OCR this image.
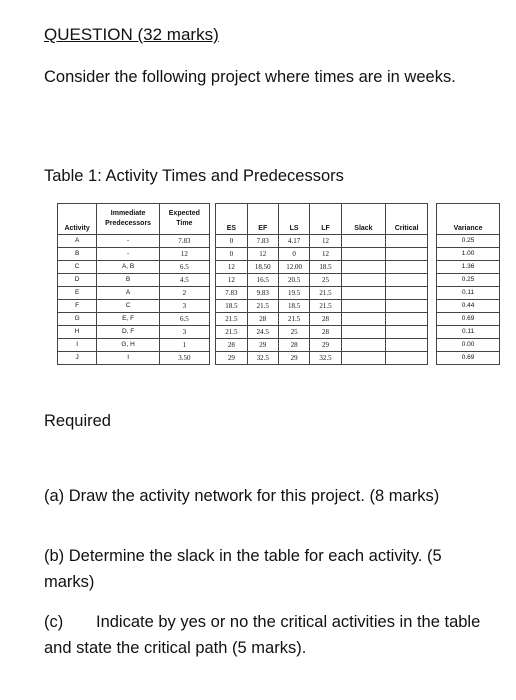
QUESTION (32 marks)
Consider the following project where times are in weeks.
Table 1: Activity Times and Predecessors
Activity	Immediate Predecessors	Expected Time		ES	EF	LS	LF	Slack	Critical		Variance
A	-	7.83		0	7.83	4.17	12				0.25
B	-	12		0	12	0	12				1.00
C	A, B	6.5		12	18.50	12.00	18.5				1.36
D	B	4.5		12	16.5	20.5	25				0.25
E	A	2		7.83	9.83	19.5	21.5				0.11
F	C	3		18.5	21.5	18.5	21.5				0.44
G	E, F	6.5		21.5	28	21.5	28				0.69
H	D, F	3		21.5	24.5	25	28				0.11
I	G, H	1		28	29	28	29				0.00
J	I	3.50		29	32.5	29	32.5				0.69
Required
(a) Draw the activity network for this project. (8 marks)
(b) Determine the slack in the table for each activity. (5 marks)
(c) Indicate by yes or no the critical activities in the table and state the critical path (5 marks).
